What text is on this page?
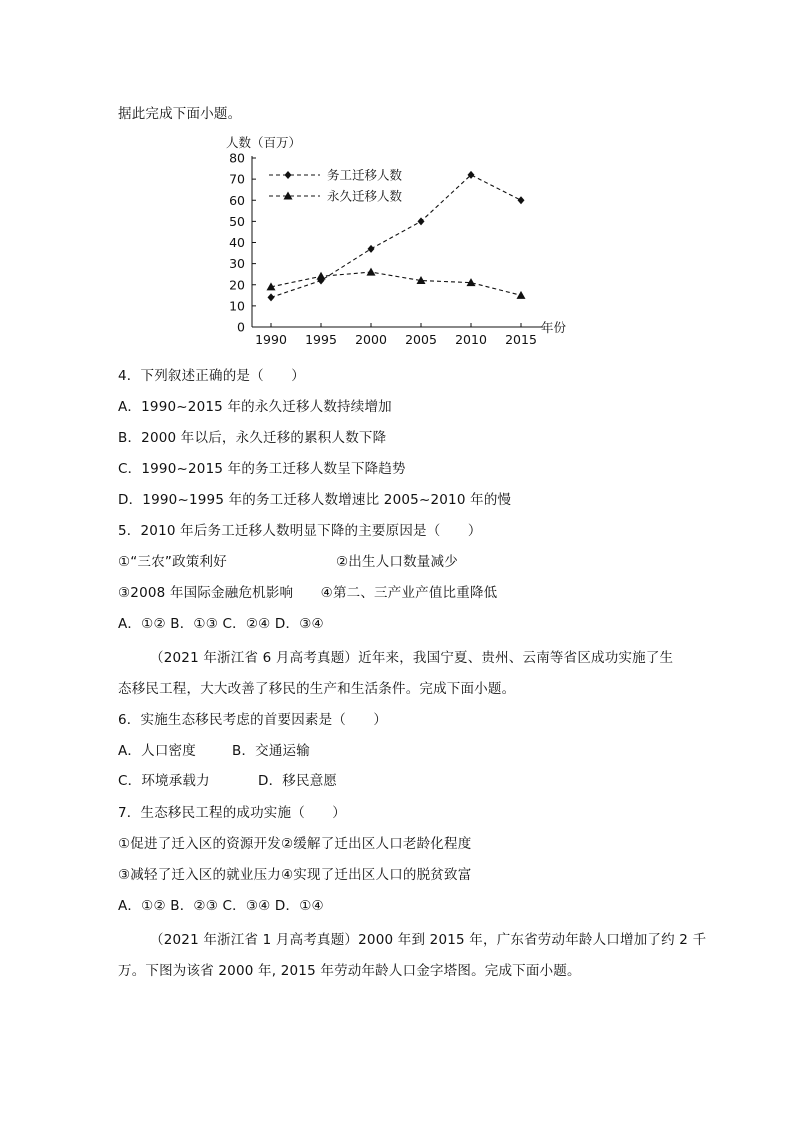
据此完成下面小题。
人数（百万）
0
10
20
30
40
50
60
70
80
1990 1995 2000 2005 2010 2015
年份
务工迁移人数
永久迁移人数
4．下列叙述正确的是（　　）
A．1990~2015 年的永久迁移人数持续增加
B．2000 年以后，永久迁移的累积人数下降
C．1990~2015 年的务工迁移人数呈下降趋势
D．1990~1995 年的务工迁移人数增速比 2005~2010 年的慢
5．2010 年后务工迁移人数明显下降的主要原因是（　　）
①“三农”政策利好	②出生人口数量减少
③2008 年国际金融危机影响　　④第二、三产业产值比重降低
A．①② B．①③ C．②④ D．③④
（2021 年浙江省 6 月高考真题）近年来，我国宁夏、贵州、云南等省区成功实施了生
态移民工程，大大改善了移民的生产和生活条件。完成下面小题。
6．实施生态移民考虑的首要因素是（　　）
A．人口密度	B．交通运输
C．环境承载力	D．移民意愿
7．生态移民工程的成功实施（　　）
①促进了迁入区的资源开发②缓解了迁出区人口老龄化程度
③减轻了迁入区的就业压力④实现了迁出区人口的脱贫致富
A．①② B．②③ C．③④ D．①④
（2021 年浙江省 1 月高考真题）2000 年到 2015 年，广东省劳动年龄人口增加了约 2 千
万。下图为该省 2000 年, 2015 年劳动年龄人口金字塔图。完成下面小题。
